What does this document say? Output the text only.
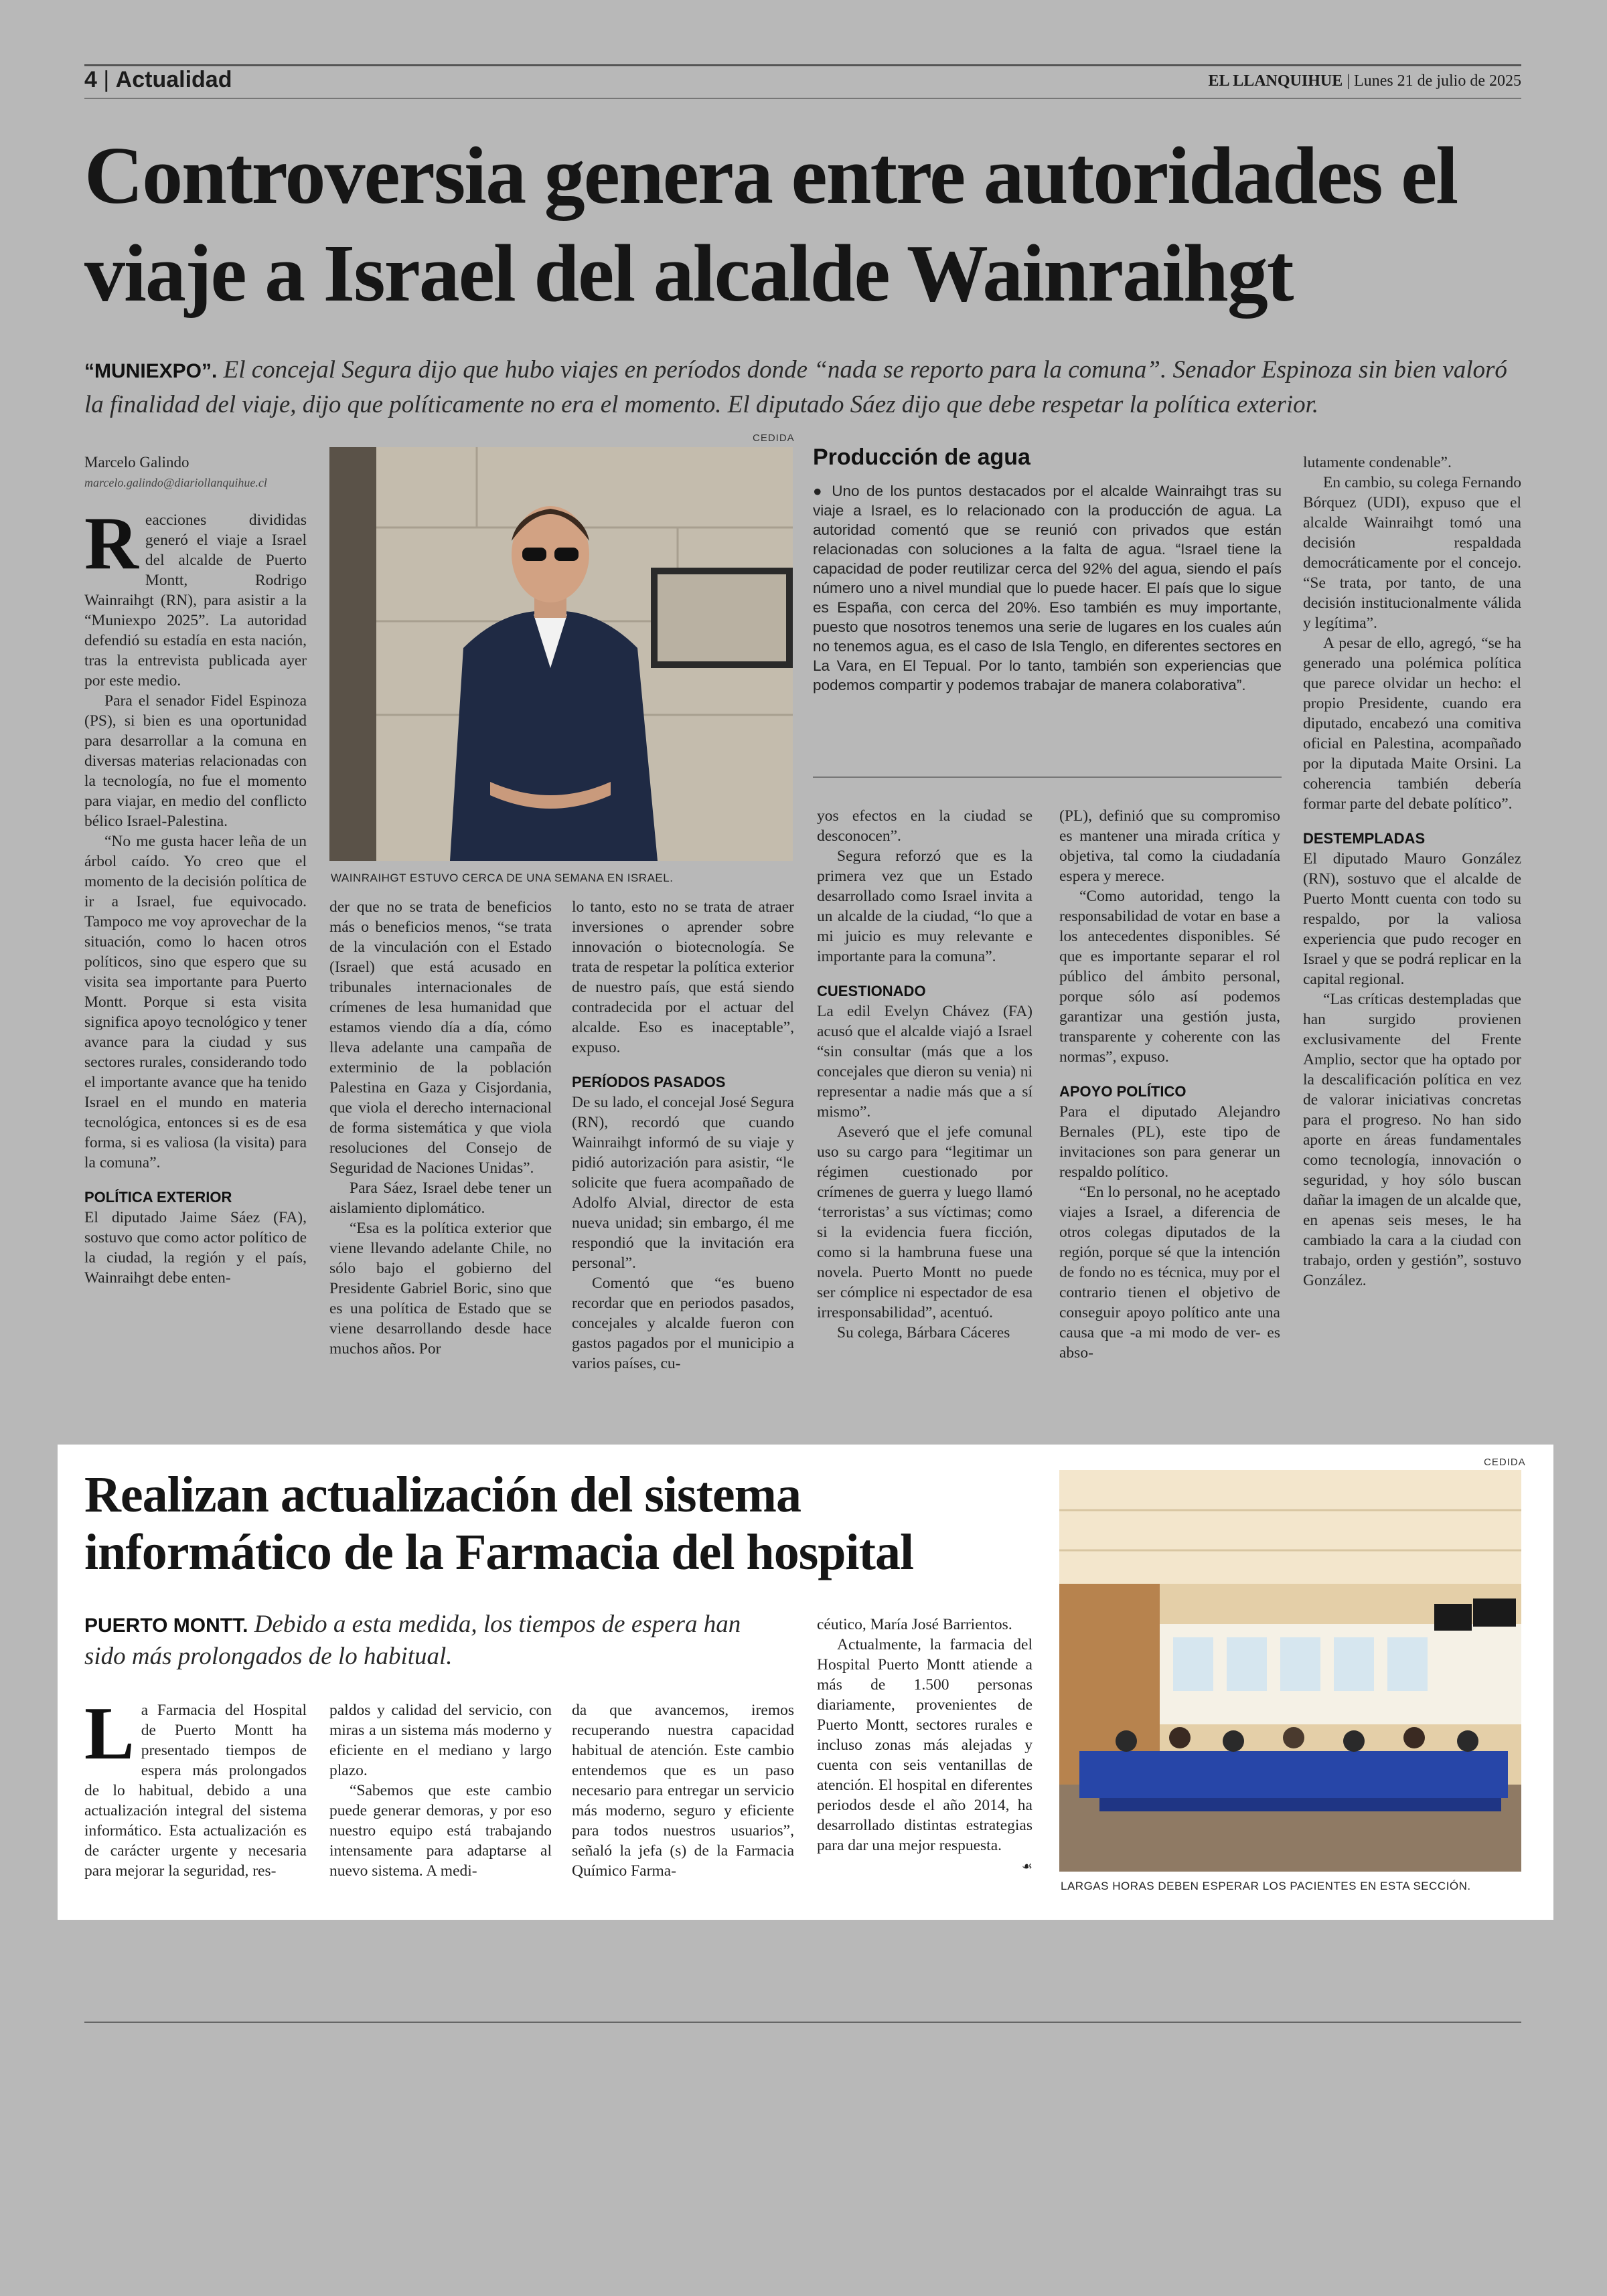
4 | Actualidad	EL LLANQUIHUE | Lunes 21 de julio de 2025
Controversia genera entre autoridades el viaje a Israel del alcalde Wainraihgt
“MUNIEXPO”. El concejal Segura dijo que hubo viajes en períodos donde “nada se reporto para la comuna”. Senador Espinoza sin bien valoró la finalidad del viaje, dijo que políticamente no era el momento. El diputado Sáez dijo que debe respetar la política exterior.
Marcelo Galindo
marcelo.galindo@diariollanquihue.cl

Reacciones divididas generó el viaje a Israel del alcalde de Puerto Montt, Rodrigo Wainraihgt (RN), para asistir a la “Muniexpo 2025”. La autoridad defendió su estadía en esta nación, tras la entrevista publicada ayer por este medio.

Para el senador Fidel Espinoza (PS), si bien es una oportunidad para desarrollar a la comuna en diversas materias relacionadas con la tecnología, no fue el momento para viajar, en medio del conflicto bélico Israel-Palestina.

“No me gusta hacer leña de un árbol caído. Yo creo que el momento de la decisión política de ir a Israel, fue equivocado. Tampoco me voy aprovechar de la situación, como lo hacen otros políticos, sino que espero que su visita sea importante para Puerto Montt. Porque si esta visita significa apoyo tecnológico y tener avance para la ciudad y sus sectores rurales, considerando todo el importante avance que ha tenido Israel en el mundo en materia tecnológica, entonces si es de esa forma, si es valiosa (la visita) para la comuna”.

POLÍTICA EXTERIOR

El diputado Jaime Sáez (FA), sostuvo que como actor político de la ciudad, la región y el país, Wainraihgt debe enten-

CEDIDA
WAINRAIHGT ESTUVO CERCA DE UNA SEMANA EN ISRAEL.

der que no se trata de beneficios más o beneficios menos, “se trata de la vinculación con el Estado (Israel) que está acusado en tribunales internacionales de crímenes de lesa humanidad que estamos viendo día a día, cómo lleva adelante una campaña de exterminio de la población Palestina en Gaza y Cisjordania, que viola el derecho internacional de forma sistemática y que viola resoluciones del Consejo de Seguridad de Naciones Unidas”.

Para Sáez, Israel debe tener un aislamiento diplomático.

“Esa es la política exterior que viene llevando adelante Chile, no sólo bajo el gobierno del Presidente Gabriel Boric, sino que es una política de Estado que se viene desarrollando desde hace muchos años. Por

lo tanto, esto no se trata de atraer inversiones o aprender sobre innovación o biotecnología. Se trata de respetar la política exterior de nuestro país, que está siendo contradecida por el actuar del alcalde. Eso es inaceptable”, expuso.

PERÍODOS PASADOS

De su lado, el concejal José Segura (RN), recordó que cuando Wainraihgt informó de su viaje y pidió autorización para asistir, “le solicite que fuera acompañado de Adolfo Alvial, director de esta nueva unidad; sin embargo, él me respondió que la invitación era personal”.

Comentó que “es bueno recordar que en periodos pasados, concejales y alcalde fueron con gastos pagados por el municipio a varios países, cu-

Producción de agua
● Uno de los puntos destacados por el alcalde Wainraihgt tras su viaje a Israel, es lo relacionado con la producción de agua. La autoridad comentó que se reunió con privados que están relacionadas con soluciones a la falta de agua. “Israel tiene la capacidad de poder reutilizar cerca del 92% del agua, siendo el país número uno a nivel mundial que lo puede hacer. El país que lo sigue es España, con cerca del 20%. Eso también es muy importante, puesto que nosotros tenemos una serie de lugares en los cuales aún no tenemos agua, es el caso de Isla Tenglo, en diferentes sectores en La Vara, en El Tepual. Por lo tanto, también son experiencias que podemos compartir y podemos trabajar de manera colaborativa”.

yos efectos en la ciudad se desconocen”.

Segura reforzó que es la primera vez que un Estado desarrollado como Israel invita a un alcalde de la ciudad, “lo que a mi juicio es muy relevante e importante para la comuna”.

CUESTIONADO

La edil Evelyn Chávez (FA) acusó que el alcalde viajó a Israel “sin consultar (más que a los concejales que dieron su venia) ni representar a nadie más que a sí mismo”.

Aseveró que el jefe comunal uso su cargo para “legitimar un régimen cuestionado por crímenes de guerra y luego llamó ‘terroristas’ a sus víctimas; como si la evidencia fuera ficción, como si la hambruna fuese una novela. Puerto Montt no puede ser cómplice ni espectador de esa irresponsabilidad”, acentuó.

Su colega, Bárbara Cáceres

(PL), definió que su compromiso es mantener una mirada crítica y objetiva, tal como la ciudadanía espera y merece.

“Como autoridad, tengo la responsabilidad de votar en base a los antecedentes disponibles. Sé que es importante separar el rol público del ámbito personal, porque sólo así podemos garantizar una gestión justa, transparente y coherente con las normas”, expuso.

APOYO POLÍTICO

Para el diputado Alejandro Bernales (PL), este tipo de invitaciones son para generar un respaldo político.

“En lo personal, no he aceptado viajes a Israel, a diferencia de otros colegas diputados de la región, porque sé que la intención de fondo no es técnica, muy por el contrario tienen el objetivo de conseguir apoyo político ante una causa que -a mi modo de ver- es abso-

lutamente condenable”.

En cambio, su colega Fernando Bórquez (UDI), expuso que el alcalde Wainraihgt tomó una decisión respaldada democráticamente por el concejo. “Se trata, por tanto, de una decisión institucionalmente válida y legítima”.

A pesar de ello, agregó, “se ha generado una polémica política que parece olvidar un hecho: el propio Presidente, cuando era diputado, encabezó una comitiva oficial en Palestina, acompañado por la diputada Maite Orsini. La coherencia también debería formar parte del debate político”.

DESTEMPLADAS

El diputado Mauro González (RN), sostuvo que el alcalde de Puerto Montt cuenta con todo su respaldo, por la valiosa experiencia que pudo recoger en Israel y que se podrá replicar en la capital regional.

“Las críticas destempladas que han surgido provienen exclusivamente del Frente Amplio, sector que ha optado por la descalificación política en vez de valorar iniciativas concretas para el progreso. No han sido aporte en áreas fundamentales como tecnología, innovación o seguridad, y hoy sólo buscan dañar la imagen de un alcalde que, en apenas seis meses, le ha cambiado la cara a la ciudad con trabajo, orden y gestión”, sostuvo González.

Realizan actualización del sistema informático de la Farmacia del hospital
PUERTO MONTT. Debido a esta medida, los tiempos de espera han sido más prolongados de lo habitual.

La Farmacia del Hospital de Puerto Montt ha presentado tiempos de espera más prolongados de lo habitual, debido a una actualización integral del sistema informático. Esta actualización es de carácter urgente y necesaria para mejorar la seguridad, res-

paldos y calidad del servicio, con miras a un sistema más moderno y eficiente en el mediano y largo plazo.

“Sabemos que este cambio puede generar demoras, y por eso nuestro equipo está trabajando intensamente para adaptarse al nuevo sistema. A medi-

da que avancemos, iremos recuperando nuestra capacidad habitual de atención. Este cambio entendemos que es un paso necesario para entregar un servicio más moderno, seguro y eficiente para todos nuestros usuarios”, señaló la jefa (s) de la Farmacia Químico Farma-

céutico, María José Barrientos.

Actualmente, la farmacia del Hospital Puerto Montt atiende a más de 1.500 personas diariamente, provenientes de Puerto Montt, sectores rurales e incluso zonas más alejadas y cuenta con seis ventanillas de atención. El hospital en diferentes periodos desde el año 2014, ha desarrollado distintas estrategias para dar una mejor respuesta.

☙

CEDIDA
LARGAS HORAS DEBEN ESPERAR LOS PACIENTES EN ESTA SECCIÓN.
